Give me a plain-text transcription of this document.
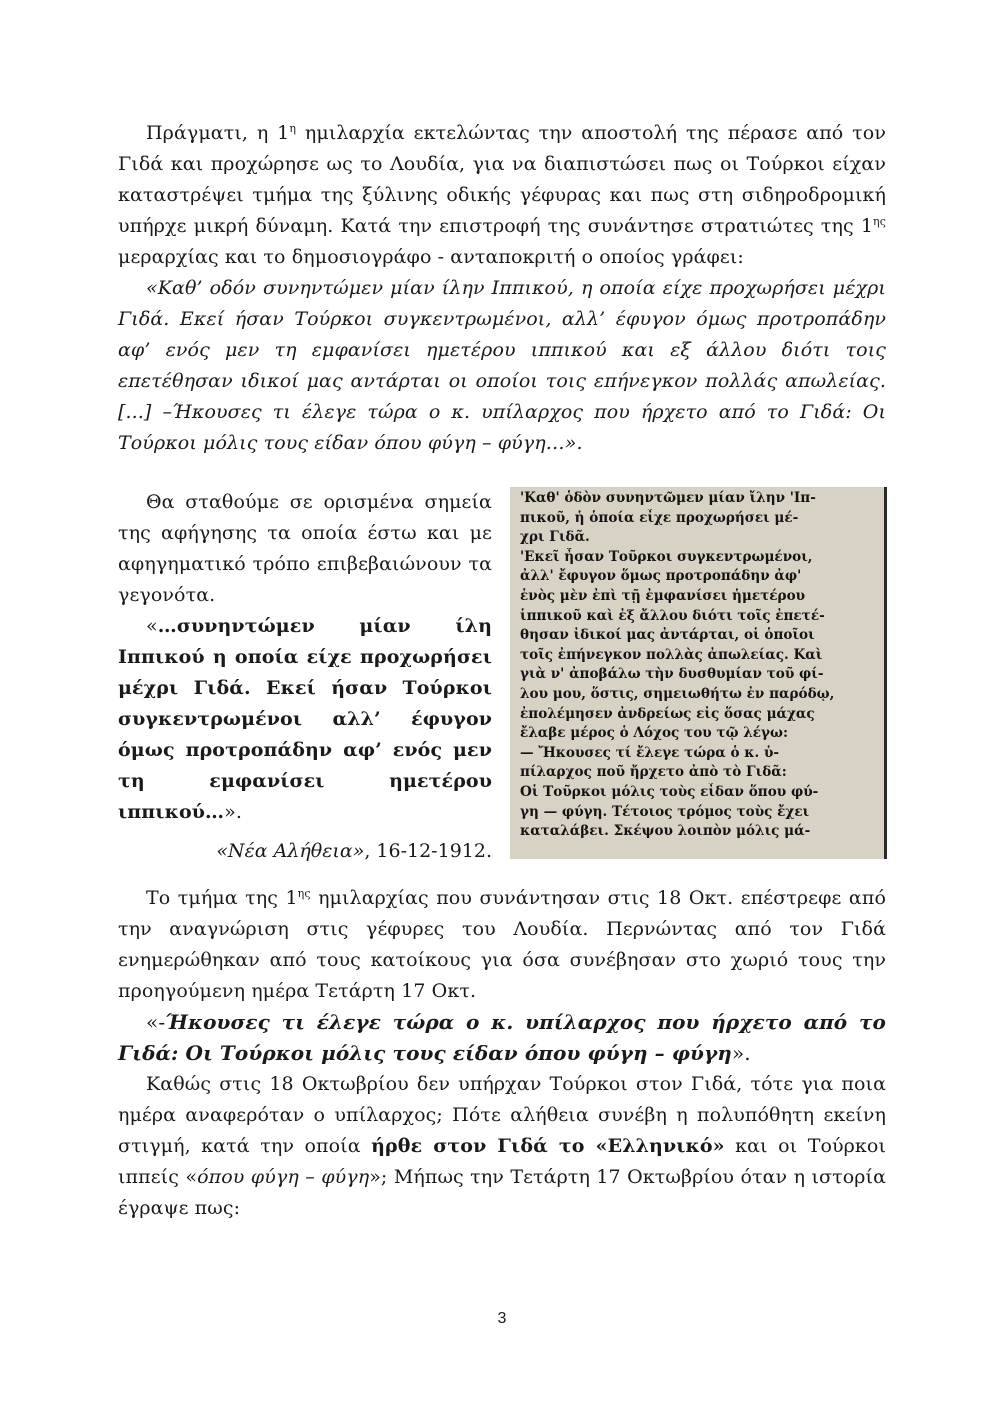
Πράγματι, η $1^\eta$ ημιλαρχία εκτελώντας την αποστολή της πέρασε από τον Γιδά και προχώρησε ως το Λουδία, για να διαπιστώσει πως οι Τούρκοι είχαν καταστρέψει τμήμα της ξύλινης οδικής γέφυρας και πως στη σιδηροδρομική υπήρχε μικρή δύναμη. Κατά την επιστροφή της συνάντησε στρατιώτες της $1^{\eta\varsigma}$ μεραρχίας και το δημοσιογράφο - ανταποκριτή ο οποίος γράφει:

«Καθ’ οδόν συνηντώμεν μίαν ίλην Ιππικού, η οποία είχε προχωρήσει μέχρι Γιδά. Εκεί ήσαν Τούρκοι συγκεντρωμένοι, αλλ’ έφυγον όμως προτροπάδην αφ’ ενός μεν τη εμφανίσει ημετέρου ιππικού και εξ άλλου διότι τοις επετέθησαν ιδικοί μας αντάρται οι οποίοι τοις επήνεγκον πολλάς απωλείας. [...] –Ήκουσες τι έλεγε τώρα ο κ. υπίλαρχος που ήρχετο από το Γιδά: Οι Τούρκοι μόλις τους είδαν όπου φύγη – φύγη…».

Θα σταθούμε σε ορισμένα σημεία της αφήγησης τα οποία έστω και με αφηγηματικό τρόπο επιβεβαιώνουν τα γεγονότα.

«…συνηντώμεν μίαν ίλη Ιππικού η οποία είχε προχωρήσει μέχρι Γιδά. Εκεί ήσαν Τούρκοι συγκεντρωμένοι αλλ’ έφυγον όμως προτροπάδην αφ’ ενός μεν τη εμφανίσει ημετέρου ιππικού…».

«Νέα Αλήθεια», 16-12-1912.

'Καθ' ὁδὸν συνηντῶμεν μίαν ἴλην 'Ιπ-
πικοῦ, ἡ ὁποία εἶχε προχωρήσει μέ-
χρι Γιδᾶ.
'Εκεῖ ἦσαν Τοῦρκοι συγκεντρωμένοι,
ἀλλ' ἔφυγον ὅμως προτροπάδην ἀφ'
ἑνὸς μὲν ἐπὶ τῇ ἐμφανίσει ἡμετέρου
ἱππικοῦ καὶ ἐξ ἄλλου διότι τοῖς ἐπετέ-
θησαν ἰδικοί μας ἀντάρται, οἱ ὁποῖοι
τοῖς ἐπήνεγκον πολλὰς ἀπωλείας. Καὶ
γιὰ ν' ἀποβάλω τὴν δυσθυμίαν τοῦ φί-
λου μου, ὅστις, σημειωθήτω ἐν παρόδῳ,
ἐπολέμησεν ἀνδρείως εἰς ὅσας μάχας
ἔλαβε μέρος ὁ Λόχος του τῷ λέγω:
— Ἤκουσες τί ἔλεγε τώρα ὁ κ. ὑ-
πίλαρχος ποῦ ἤρχετο ἀπὸ τὸ Γιδᾶ:
Οἱ Τοῦρκοι μόλις τοὺς εἶδαν ὅπου φύ-
γη — φύγη. Τέτοιος τρόμος τοὺς ἔχει
καταλάβει. Σκέψου λοιπὸν μόλις μά-

Το τμήμα της $1^{\eta\varsigma}$ ημιλαρχίας που συνάντησαν στις 18 Οκτ. επέστρεφε από την αναγνώριση στις γέφυρες του Λουδία. Περνώντας από τον Γιδά ενημερώθηκαν από τους κατοίκους για όσα συνέβησαν στο χωριό τους την προηγούμενη ημέρα Τετάρτη 17 Οκτ.

«-Ήκουσες τι έλεγε τώρα ο κ. υπίλαρχος που ήρχετο από το Γιδά: Οι Τούρκοι μόλις τους είδαν όπου φύγη – φύγη».

Καθώς στις 18 Οκτωβρίου δεν υπήρχαν Τούρκοι στον Γιδά, τότε για ποια ημέρα αναφερόταν ο υπίλαρχος; Πότε αλήθεια συνέβη η πολυπόθητη εκείνη στιγμή, κατά την οποία ήρθε στον Γιδά το «Ελληνικό» και οι Τούρκοι ιππείς «όπου φύγη – φύγη»; Μήπως την Τετάρτη 17 Οκτωβρίου όταν η ιστορία έγραψε πως:

3
